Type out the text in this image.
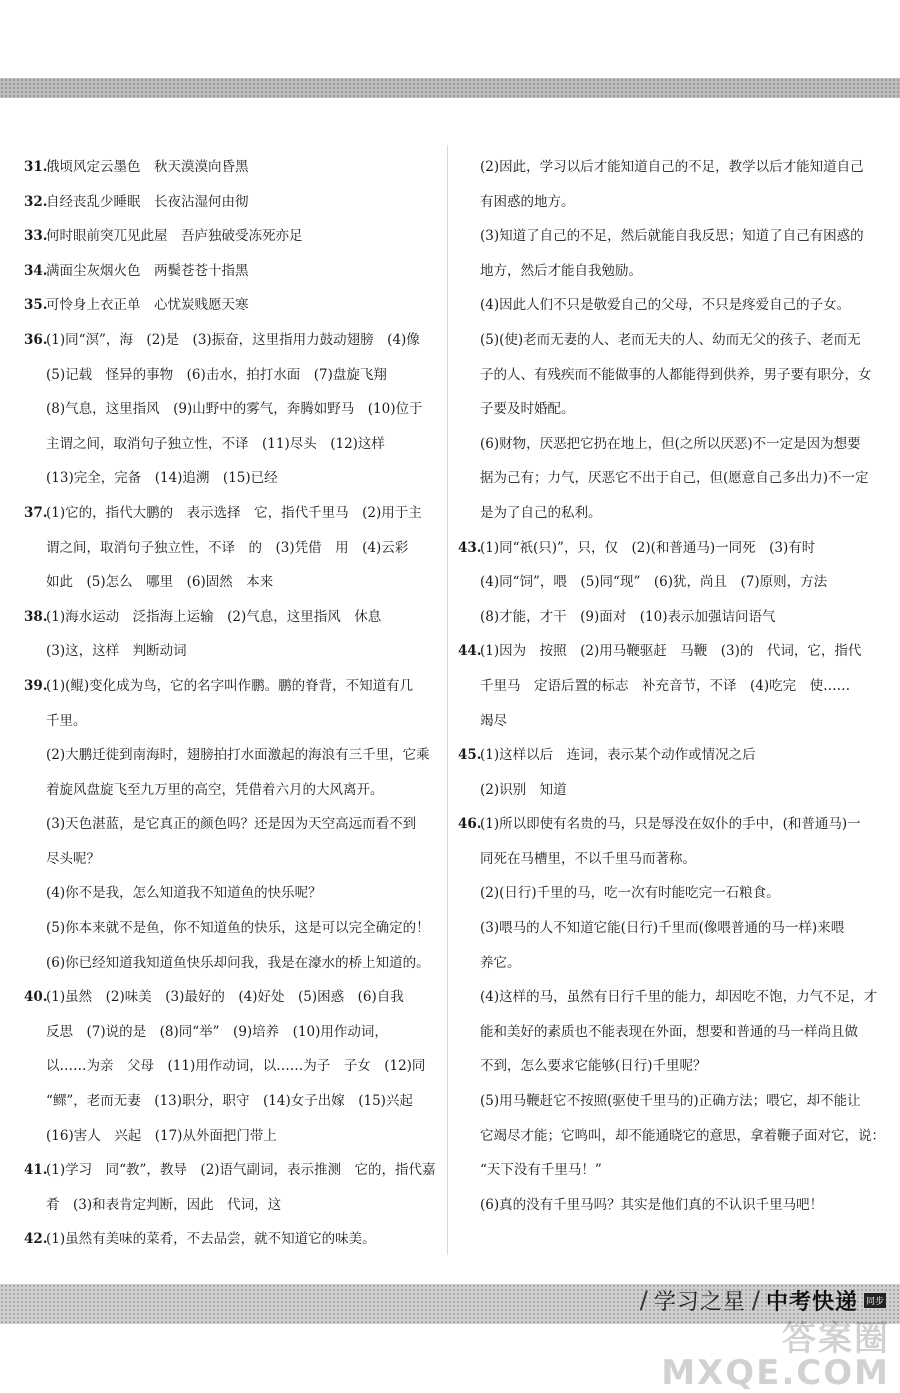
31.
俄顷风定云墨色　秋天漠漠向昏黑
32.
自经丧乱少睡眠　长夜沾湿何由彻
33.
何时眼前突兀见此屋　吾庐独破受冻死亦足
34.
满面尘灰烟火色　两鬓苍苍十指黑
35.
可怜身上衣正单　心忧炭贱愿天寒
36.
(1)同“溟”，海　(2)是　(3)振奋，这里指用力鼓动翅膀　(4)像
(5)记载　怪异的事物　(6)击水，拍打水面　(7)盘旋飞翔
(8)气息，这里指风　(9)山野中的雾气，奔腾如野马　(10)位于
主谓之间，取消句子独立性，不译　(11)尽头　(12)这样
(13)完全，完备　(14)追溯　(15)已经
37.
(1)它的，指代大鹏的　表示选择　它，指代千里马　(2)用于主
谓之间，取消句子独立性，不译　的　(3)凭借　用　(4)云彩
如此　(5)怎么　哪里　(6)固然　本来
38.
(1)海水运动　泛指海上运输　(2)气息，这里指风　休息
(3)这，这样　判断动词
39.
(1)(鲲)变化成为鸟，它的名字叫作鹏。鹏的脊背，不知道有几
千里。
(2)大鹏迁徙到南海时，翅膀拍打水面激起的海浪有三千里，它乘
着旋风盘旋飞至九万里的高空，凭借着六月的大风离开。
(3)天色湛蓝，是它真正的颜色吗？还是因为天空高远而看不到
尽头呢？
(4)你不是我，怎么知道我不知道鱼的快乐呢？
(5)你本来就不是鱼，你不知道鱼的快乐，这是可以完全确定的！
(6)你已经知道我知道鱼快乐却问我，我是在濠水的桥上知道的。
40.
(1)虽然　(2)味美　(3)最好的　(4)好处　(5)困惑　(6)自我
反思　(7)说的是　(8)同“举”　(9)培养　(10)用作动词，
以……为亲　父母　(11)用作动词，以……为子　子女　(12)同
“鳏”，老而无妻　(13)职分，职守　(14)女子出嫁　(15)兴起
(16)害人　兴起　(17)从外面把门带上
41.
(1)学习　同“教”，教导　(2)语气副词，表示推测　它的，指代嘉
肴　(3)和表肯定判断，因此　代词，这
42.
(1)虽然有美味的菜肴，不去品尝，就不知道它的味美。
(2)因此，学习以后才能知道自己的不足，教学以后才能知道自己
有困惑的地方。
(3)知道了自己的不足，然后就能自我反思；知道了自己有困惑的
地方，然后才能自我勉励。
(4)因此人们不只是敬爱自己的父母，不只是疼爱自己的子女。
(5)(使)老而无妻的人、老而无夫的人、幼而无父的孩子、老而无
子的人、有残疾而不能做事的人都能得到供养，男子要有职分，女
子要及时婚配。
(6)财物，厌恶把它扔在地上，但(之所以厌恶)不一定是因为想要
据为己有；力气，厌恶它不出于自己，但(愿意自己多出力)不一定
是为了自己的私利。
43.
(1)同“祇(只)”，只，仅　(2)(和普通马)一同死　(3)有时
(4)同“饲”，喂　(5)同“现”　(6)犹，尚且　(7)原则，方法
(8)才能，才干　(9)面对　(10)表示加强诘问语气
44.
(1)因为　按照　(2)用马鞭驱赶　马鞭　(3)的　代词，它，指代
千里马　定语后置的标志　补充音节，不译　(4)吃完　使……
竭尽
45.
(1)这样以后　连词，表示某个动作或情况之后
(2)识别　知道
46.
(1)所以即使有名贵的马，只是辱没在奴仆的手中，(和普通马)一
同死在马槽里，不以千里马而著称。
(2)(日行)千里的马，吃一次有时能吃完一石粮食。
(3)喂马的人不知道它能(日行)千里而(像喂普通的马一样)来喂
养它。
(4)这样的马，虽然有日行千里的能力，却因吃不饱，力气不足，才
能和美好的素质也不能表现在外面，想要和普通的马一样尚且做
不到，怎么要求它能够(日行)千里呢？
(5)用马鞭赶它不按照(驱使千里马的)正确方法；喂它，却不能让
它竭尽才能；它鸣叫，却不能通晓它的意思，拿着鞭子面对它，说：
“天下没有千里马！”
(6)真的没有千里马吗？其实是他们真的不认识千里马吧！
/ 学习之星 / 中考快递 同步
答案圈
MXQE.COM
